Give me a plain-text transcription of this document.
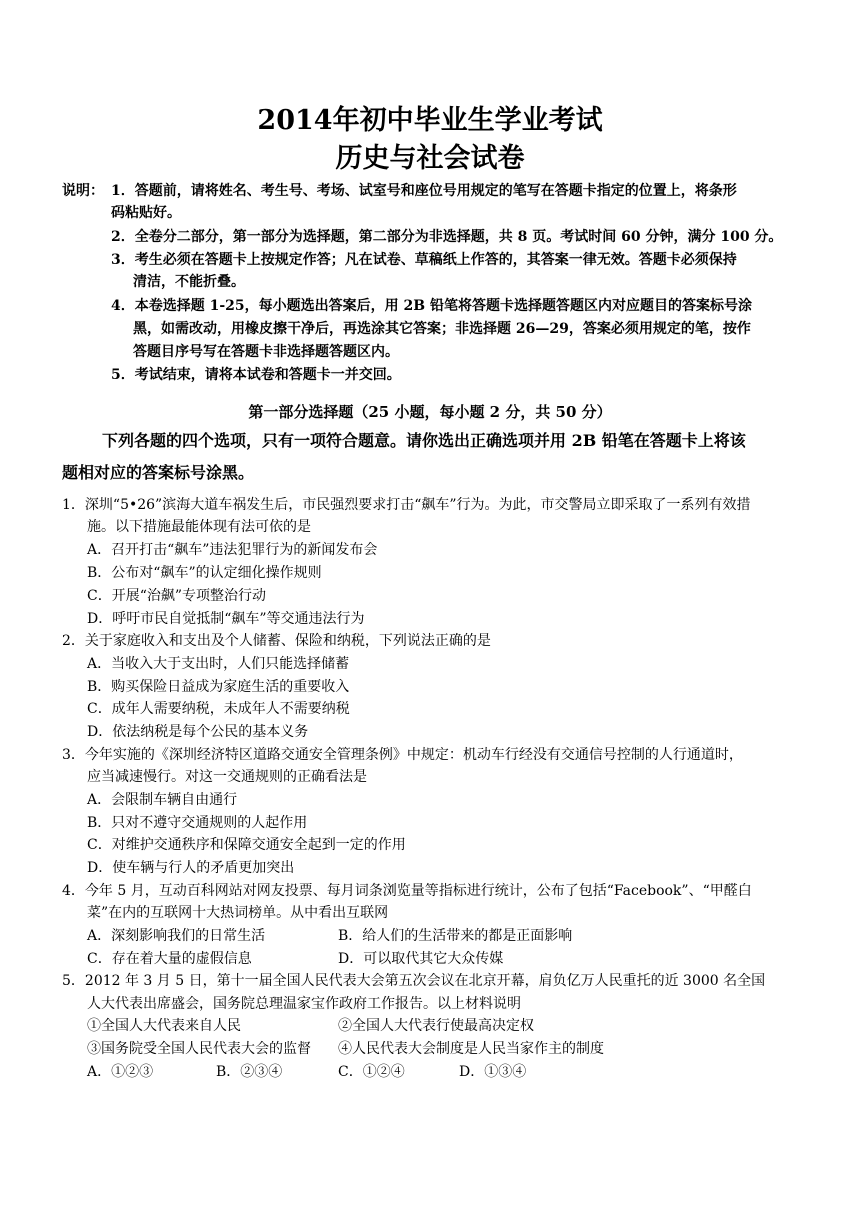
2014年初中毕业生学业考试
历史与社会试卷
说明： 1．答题前，请将姓名、考生号、考场、试室号和座位号用规定的笔写在答题卡指定的位置上，将条形
码粘贴好。
2．全卷分二部分，第一部分为选择题，第二部分为非选择题，共 8 页。考试时间 60 分钟，满分 100 分。
3．考生必须在答题卡上按规定作答；凡在试卷、草稿纸上作答的，其答案一律无效。答题卡必须保持
清洁，不能折叠。
4．本卷选择题 1-25，每小题选出答案后，用 2B 铅笔将答题卡选择题答题区内对应题目的答案标号涂
黑，如需改动，用橡皮擦干净后，再选涂其它答案；非选择题 26—29，答案必须用规定的笔，按作
答题目序号写在答题卡非选择题答题区内。
5．考试结束，请将本试卷和答题卡一并交回。
第一部分选择题（25 小题，每小题 2 分，共 50 分）
下列各题的四个选项，只有一项符合题意。请你选出正确选项并用 2B 铅笔在答题卡上将该
题相对应的答案标号涂黑。
1．深圳“5•26”滨海大道车祸发生后，市民强烈要求打击“飙车”行为。为此，市交警局立即采取了一系列有效措
施。以下措施最能体现有法可依的是
A．召开打击“飙车”违法犯罪行为的新闻发布会
B．公布对“飙车”的认定细化操作规则
C．开展“治飙”专项整治行动
D．呼吁市民自觉抵制“飙车”等交通违法行为
2．关于家庭收入和支出及个人储蓄、保险和纳税，下列说法正确的是
A．当收入大于支出时，人们只能选择储蓄
B．购买保险日益成为家庭生活的重要收入
C．成年人需要纳税，未成年人不需要纳税
D．依法纳税是每个公民的基本义务
3．今年实施的《深圳经济特区道路交通安全管理条例》中规定：机动车行经没有交通信号控制的人行通道时，
应当减速慢行。对这一交通规则的正确看法是
A．会限制车辆自由通行
B．只对不遵守交通规则的人起作用
C．对维护交通秩序和保障交通安全起到一定的作用
D．使车辆与行人的矛盾更加突出
4．今年 5 月，互动百科网站对网友投票、每月词条浏览量等指标进行统计，公布了包括“Facebook”、“甲醛白
菜”在内的互联网十大热词榜单。从中看出互联网
A．深刻影响我们的日常生活	B．给人们的生活带来的都是正面影响
C．存在着大量的虚假信息	D．可以取代其它大众传媒
5．2012 年 3 月 5 日，第十一届全国人民代表大会第五次会议在北京开幕，肩负亿万人民重托的近 3000 名全国
人大代表出席盛会，国务院总理温家宝作政府工作报告。以上材料说明
①全国人大代表来自人民	②全国人大代表行使最高决定权
③国务院受全国人民代表大会的监督 ④人民代表大会制度是人民当家作主的制度
A．①②③	B．②③④	C．①②④	D．①③④
